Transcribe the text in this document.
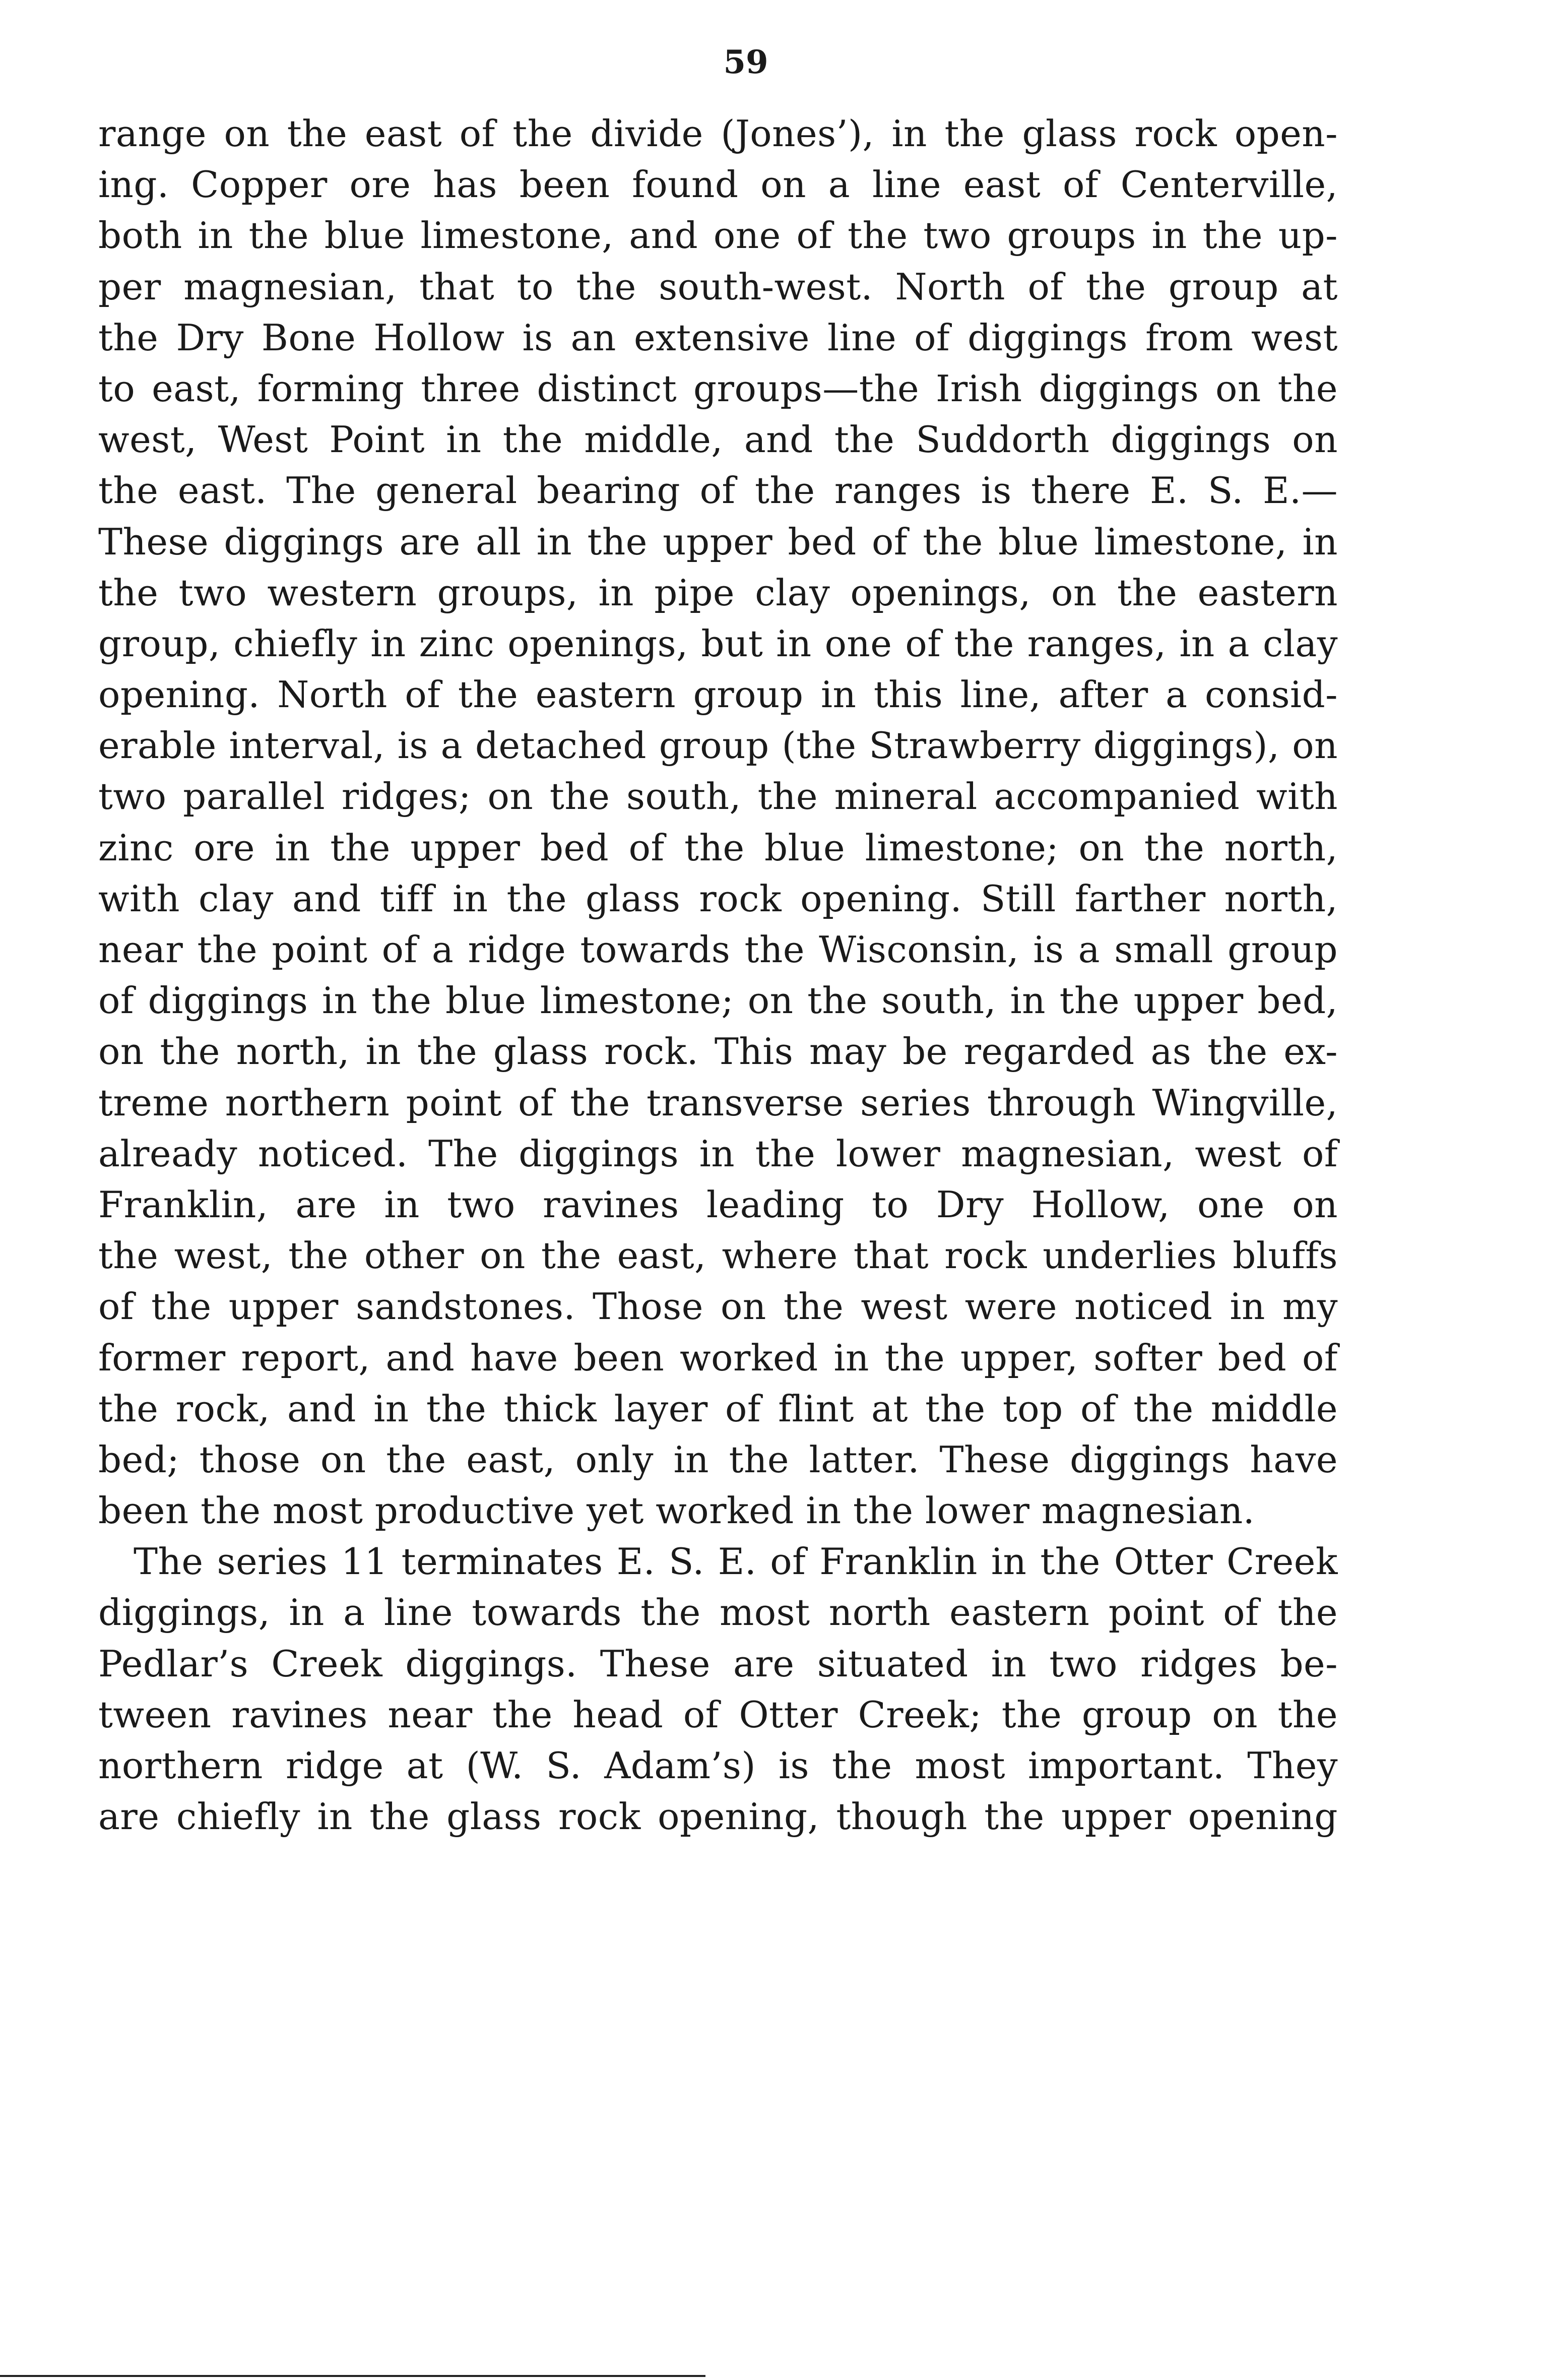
59
range on the east of the divide (Jones’), in the glass rock open-
ing. Copper ore has been found on a line east of Centerville,
both in the blue limestone, and one of the two groups in the up-
per magnesian, that to the south-west. North of the group at
the Dry Bone Hollow is an extensive line of diggings from west
to east, forming three distinct groups—the Irish diggings on the
west, West Point in the middle, and the Suddorth diggings on
the east. The general bearing of the ranges is there E. S. E.—
These diggings are all in the upper bed of the blue limestone, in
the two western groups, in pipe clay openings, on the eastern
group, chiefly in zinc openings, but in one of the ranges, in a clay
opening. North of the eastern group in this line, after a consid-
erable interval, is a detached group (the Strawberry diggings), on
two parallel ridges; on the south, the mineral accompanied with
zinc ore in the upper bed of the blue limestone; on the north,
with clay and tiff in the glass rock opening. Still farther north,
near the point of a ridge towards the Wisconsin, is a small group
of diggings in the blue limestone; on the south, in the upper bed,
on the north, in the glass rock. This may be regarded as the ex-
treme northern point of the transverse series through Wingville,
already noticed. The diggings in the lower magnesian, west of
Franklin, are in two ravines leading to Dry Hollow, one on
the west, the other on the east, where that rock underlies bluffs
of the upper sandstones. Those on the west were noticed in my
former report, and have been worked in the upper, softer bed of
the rock, and in the thick layer of flint at the top of the middle
bed; those on the east, only in the latter. These diggings have
been the most productive yet worked in the lower magnesian.
The series 11 terminates E. S. E. of Franklin in the Otter Creek
diggings, in a line towards the most north eastern point of the
Pedlar’s Creek diggings. These are situated in two ridges be-
tween ravines near the head of Otter Creek; the group on the
northern ridge at (W. S. Adam’s) is the most important. They
are chiefly in the glass rock opening, though the upper opening
